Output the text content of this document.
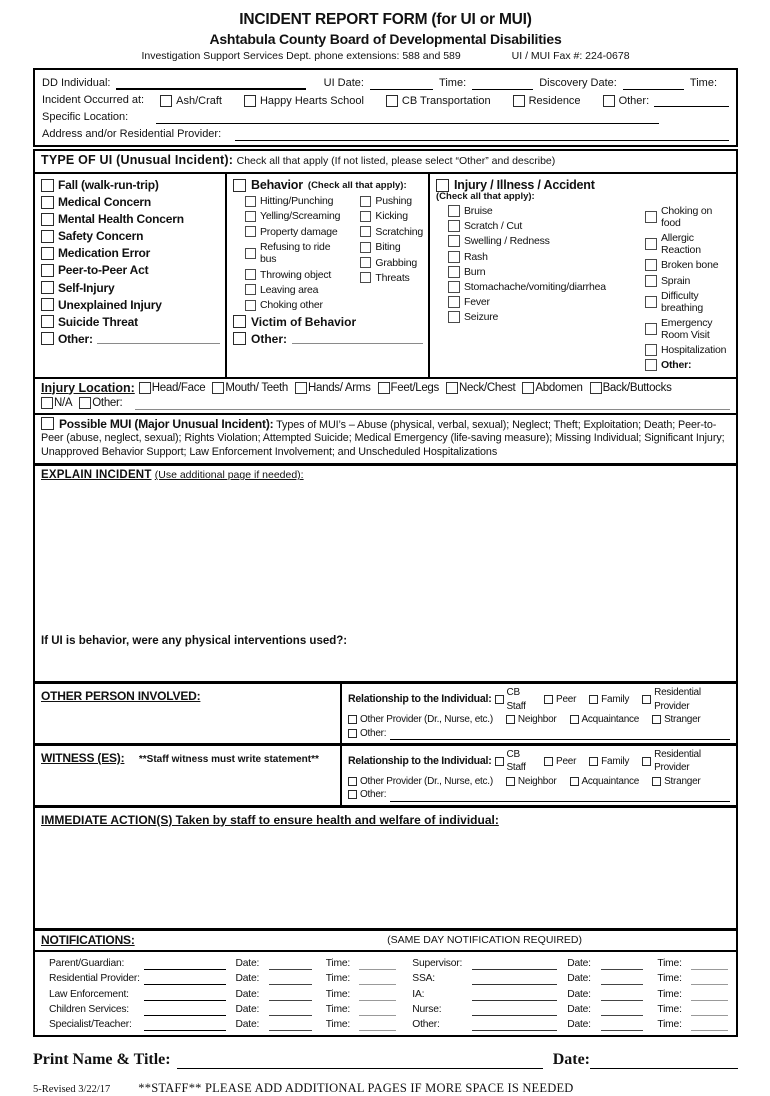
INCIDENT REPORT FORM (for UI or MUI)
Ashtabula County Board of Developmental Disabilities
Investigation Support Services Dept. phone extensions: 588 and 589	UI / MUI Fax #: 224-0678
DD Individual:	UI Date:	Time:	Discovery Date:	Time:
Incident Occurred at:	Ash/Craft	Happy Hearts School	CB Transportation	Residence	Other:
Specific Location:
Address and/or Residential Provider:
TYPE OF UI (Unusual Incident): Check all that apply (If not listed, please select “Other” and describe)
Fall (walk-run-trip)
Medical Concern
Mental Health Concern
Safety Concern
Medication Error
Peer-to-Peer Act
Self-Injury
Unexplained Injury
Suicide Threat
Other:
Behavior (Check all that apply):
Hitting/Punching
Yelling/Screaming
Property damage
Refusing to ride bus
Throwing object
Leaving area
Choking other
Pushing
Kicking
Scratching
Biting
Grabbing
Threats
Victim of Behavior
Other:
Injury / Illness / Accident
(Check all that apply):
Bruise
Scratch / Cut
Swelling / Redness
Rash
Burn
Stomachache/vomiting/diarrhea
Fever
Seizure
Choking on food
Allergic Reaction
Broken bone
Sprain
Difficulty breathing
Emergency Room Visit
Hospitalization
Other:
Injury Location: Head/Face Mouth/ Teeth Hands/ Arms Feet/Legs Neck/Chest Abdomen Back/Buttocks
N/A Other:
Possible MUI (Major Unusual Incident): Types of MUI’s – Abuse (physical, verbal, sexual); Neglect; Theft; Exploitation; Death; Peer-to-Peer (abuse, neglect, sexual); Rights Violation; Attempted Suicide; Medical Emergency (life-saving measure); Missing Individual; Significant Injury; Unapproved Behavior Support; Law Enforcement Involvement; and Unscheduled Hospitalizations
EXPLAIN INCIDENT (Use additional page if needed):
If UI is behavior, were any physical interventions used?:
OTHER PERSON INVOLVED:	Relationship to the Individual:
CB Staff
Peer	Family
Residential Provider
Other Provider (Dr., Nurse, etc.)	Neighbor	Acquaintance	Stranger
Other:
WITNESS (ES): **Staff witness must write statement**	Relationship to the Individual:
CB Staff
Peer	Family
Residential Provider
Other Provider (Dr., Nurse, etc.)	Neighbor	Acquaintance	Stranger
Other:
IMMEDIATE ACTION(S) Taken by staff to ensure health and welfare of individual:
NOTIFICATIONS:	(SAME DAY NOTIFICATION REQUIRED)
Parent/Guardian:	Date:	Time:	Supervisor:	Date:	Time:
Residential Provider:	Date:	Time:	SSA:	Date:	Time:
Law Enforcement:	Date:	Time:	IA:	Date:	Time:
Children Services:	Date:	Time:	Nurse:	Date:	Time:
Specialist/Teacher:	Date:	Time:	Other:	Date:	Time:
Print Name & Title:	Date:
5-Revised 3/22/17 **STAFF** PLEASE ADD ADDITIONAL PAGES IF MORE SPACE IS NEEDED
